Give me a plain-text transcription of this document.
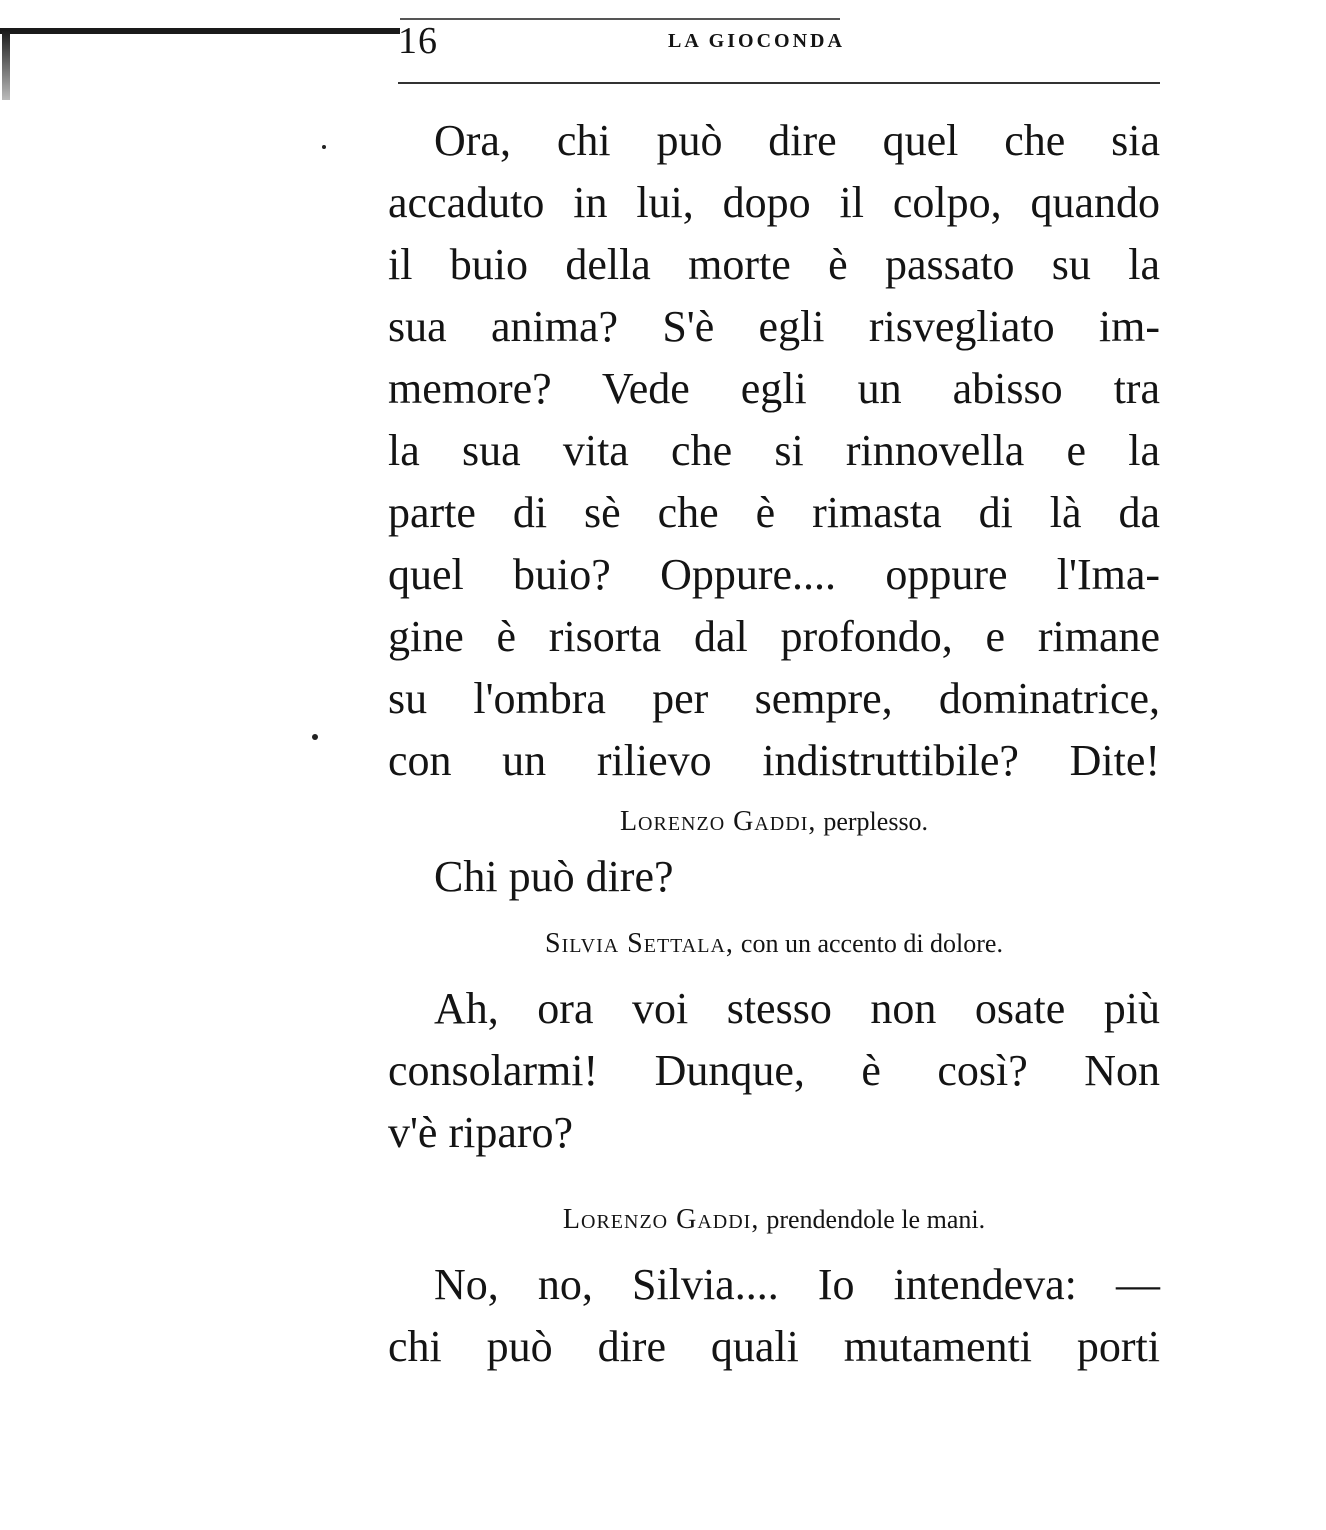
16	LA GIOCONDA

Ora, chi può dire quel che sia
accaduto in lui, dopo il colpo, quando
il buio della morte è passato su la
sua anima? S'è egli risvegliato im-
memore? Vede egli un abisso tra
la sua vita che si rinnovella e la
parte di sè che è rimasta di là da
quel buio? Oppure.... oppure l'Ima-
gine è risorta dal profondo, e rimane
su l'ombra per sempre, dominatrice,
con un rilievo indistruttibile? Dite!

Lorenzo Gaddi, perplesso.

Chi può dire?

Silvia Settala, con un accento di dolore.

Ah, ora voi stesso non osate più
consolarmi! Dunque, è così? Non
v'è riparo?

Lorenzo Gaddi, prendendole le mani.

No, no, Silvia.... Io intendeva: —
chi può dire quali mutamenti porti
